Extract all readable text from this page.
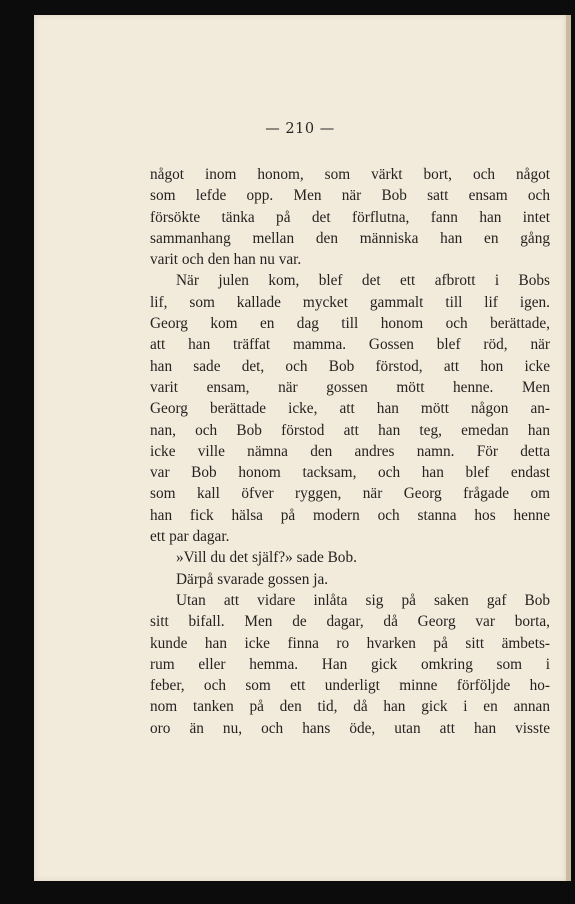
— 210 —
något inom honom, som värkt bort, och något
som lefde opp. Men när Bob satt ensam och
försökte tänka på det förflutna, fann han intet
sammanhang mellan den människa han en gång
varit och den han nu var.
När julen kom, blef det ett afbrott i Bobs
lif, som kallade mycket gammalt till lif igen.
Georg kom en dag till honom och berättade,
att han träffat mamma. Gossen blef röd, när
han sade det, och Bob förstod, att hon icke
varit ensam, när gossen mött henne. Men
Georg berättade icke, att han mött någon an-
nan, och Bob förstod att han teg, emedan han
icke ville nämna den andres namn. För detta
var Bob honom tacksam, och han blef endast
som kall öfver ryggen, när Georg frågade om
han fick hälsa på modern och stanna hos henne
ett par dagar.
»Vill du det själf?» sade Bob.
Därpå svarade gossen ja.
Utan att vidare inlåta sig på saken gaf Bob
sitt bifall. Men de dagar, då Georg var borta,
kunde han icke finna ro hvarken på sitt ämbets-
rum eller hemma. Han gick omkring som i
feber, och som ett underligt minne förföljde ho-
nom tanken på den tid, då han gick i en annan
oro än nu, och hans öde, utan att han visste
